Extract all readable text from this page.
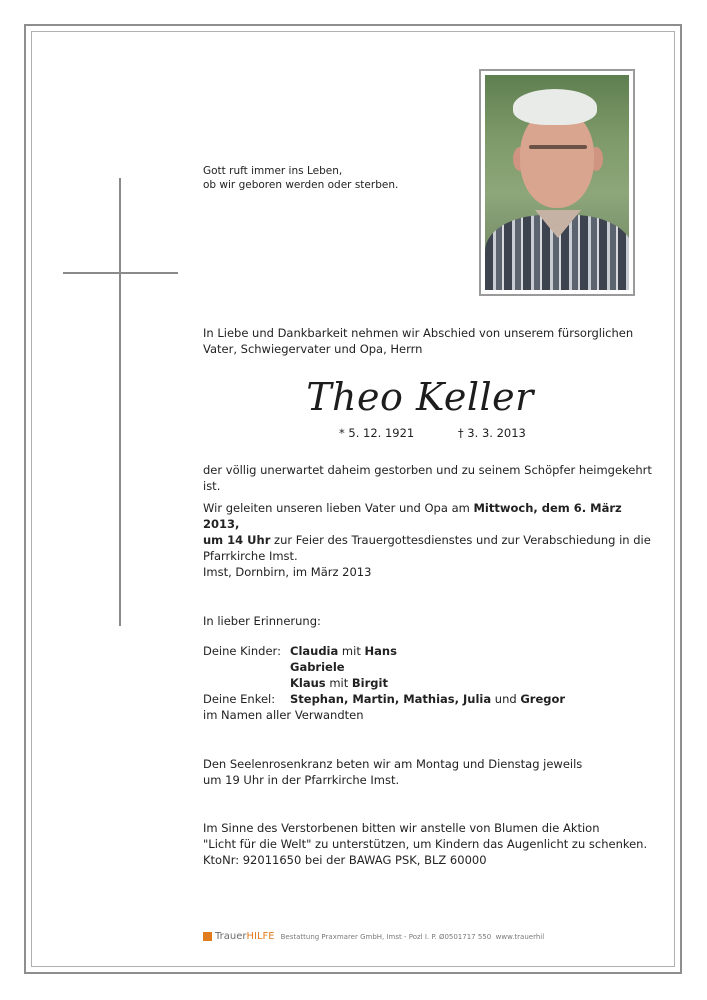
Gott ruft immer ins Leben,
ob wir geboren werden oder sterben.
In Liebe und Dankbarkeit nehmen wir Abschied von unserem fürsorglichen
Vater, Schwiegervater und Opa, Herrn
Theo Keller
* 5. 12. 1921	† 3. 3. 2013
der völlig unerwartet daheim gestorben und zu seinem Schöpfer heimgekehrt
ist.
Wir geleiten unseren lieben Vater und Opa am Mittwoch, dem 6. März 2013,
um 14 Uhr zur Feier des Trauergottesdienstes und zur Verabschiedung in die
Pfarrkirche Imst.
Imst, Dornbirn, im März 2013
In lieber Erinnerung:
Deine Kinder: Claudia mit Hans
Gabriele
Klaus mit Birgit
Deine Enkel: Stephan, Martin, Mathias, Julia und Gregor
im Namen aller Verwandten
Den Seelenrosenkranz beten wir am Montag und Dienstag jeweils
um 19 Uhr in der Pfarrkirche Imst.
Im Sinne des Verstorbenen bitten wir anstelle von Blumen die Aktion
"Licht für die Welt" zu unterstützen, um Kindern das Augenlicht zu schenken.
KtoNr: 92011650 bei der BAWAG PSK, BLZ 60000
TrauerHILFE Bestattung Praxmarer GmbH, Imst - Pozl I. P.
Ø0501717 550
www.trauerhil
